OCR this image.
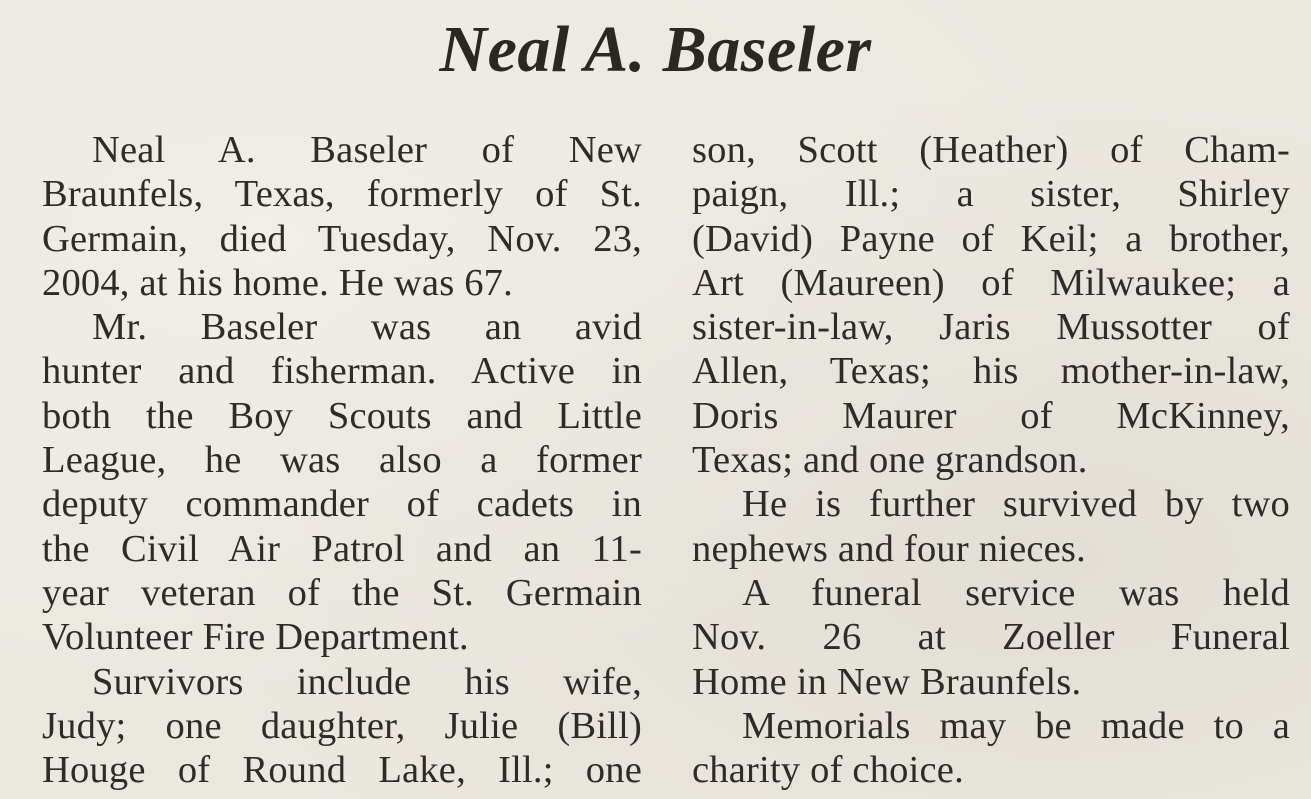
Neal A. Baseler
Neal A. Baseler of New
Braunfels, Texas, formerly of St.
Germain, died Tuesday, Nov. 23,
2004, at his home. He was 67.
Mr. Baseler was an avid
hunter and fisherman. Active in
both the Boy Scouts and Little
League, he was also a former
deputy commander of cadets in
the Civil Air Patrol and an 11-
year veteran of the St. Germain
Volunteer Fire Department.
Survivors include his wife,
Judy; one daughter, Julie (Bill)
Houge of Round Lake, Ill.; one
son, Scott (Heather) of Cham-
paign, Ill.; a sister, Shirley
(David) Payne of Keil; a brother,
Art (Maureen) of Milwaukee; a
sister-in-law, Jaris Mussotter of
Allen, Texas; his mother-in-law,
Doris Maurer of McKinney,
Texas; and one grandson.
He is further survived by two
nephews and four nieces.
A funeral service was held
Nov. 26 at Zoeller Funeral
Home in New Braunfels.
Memorials may be made to a
charity of choice.
